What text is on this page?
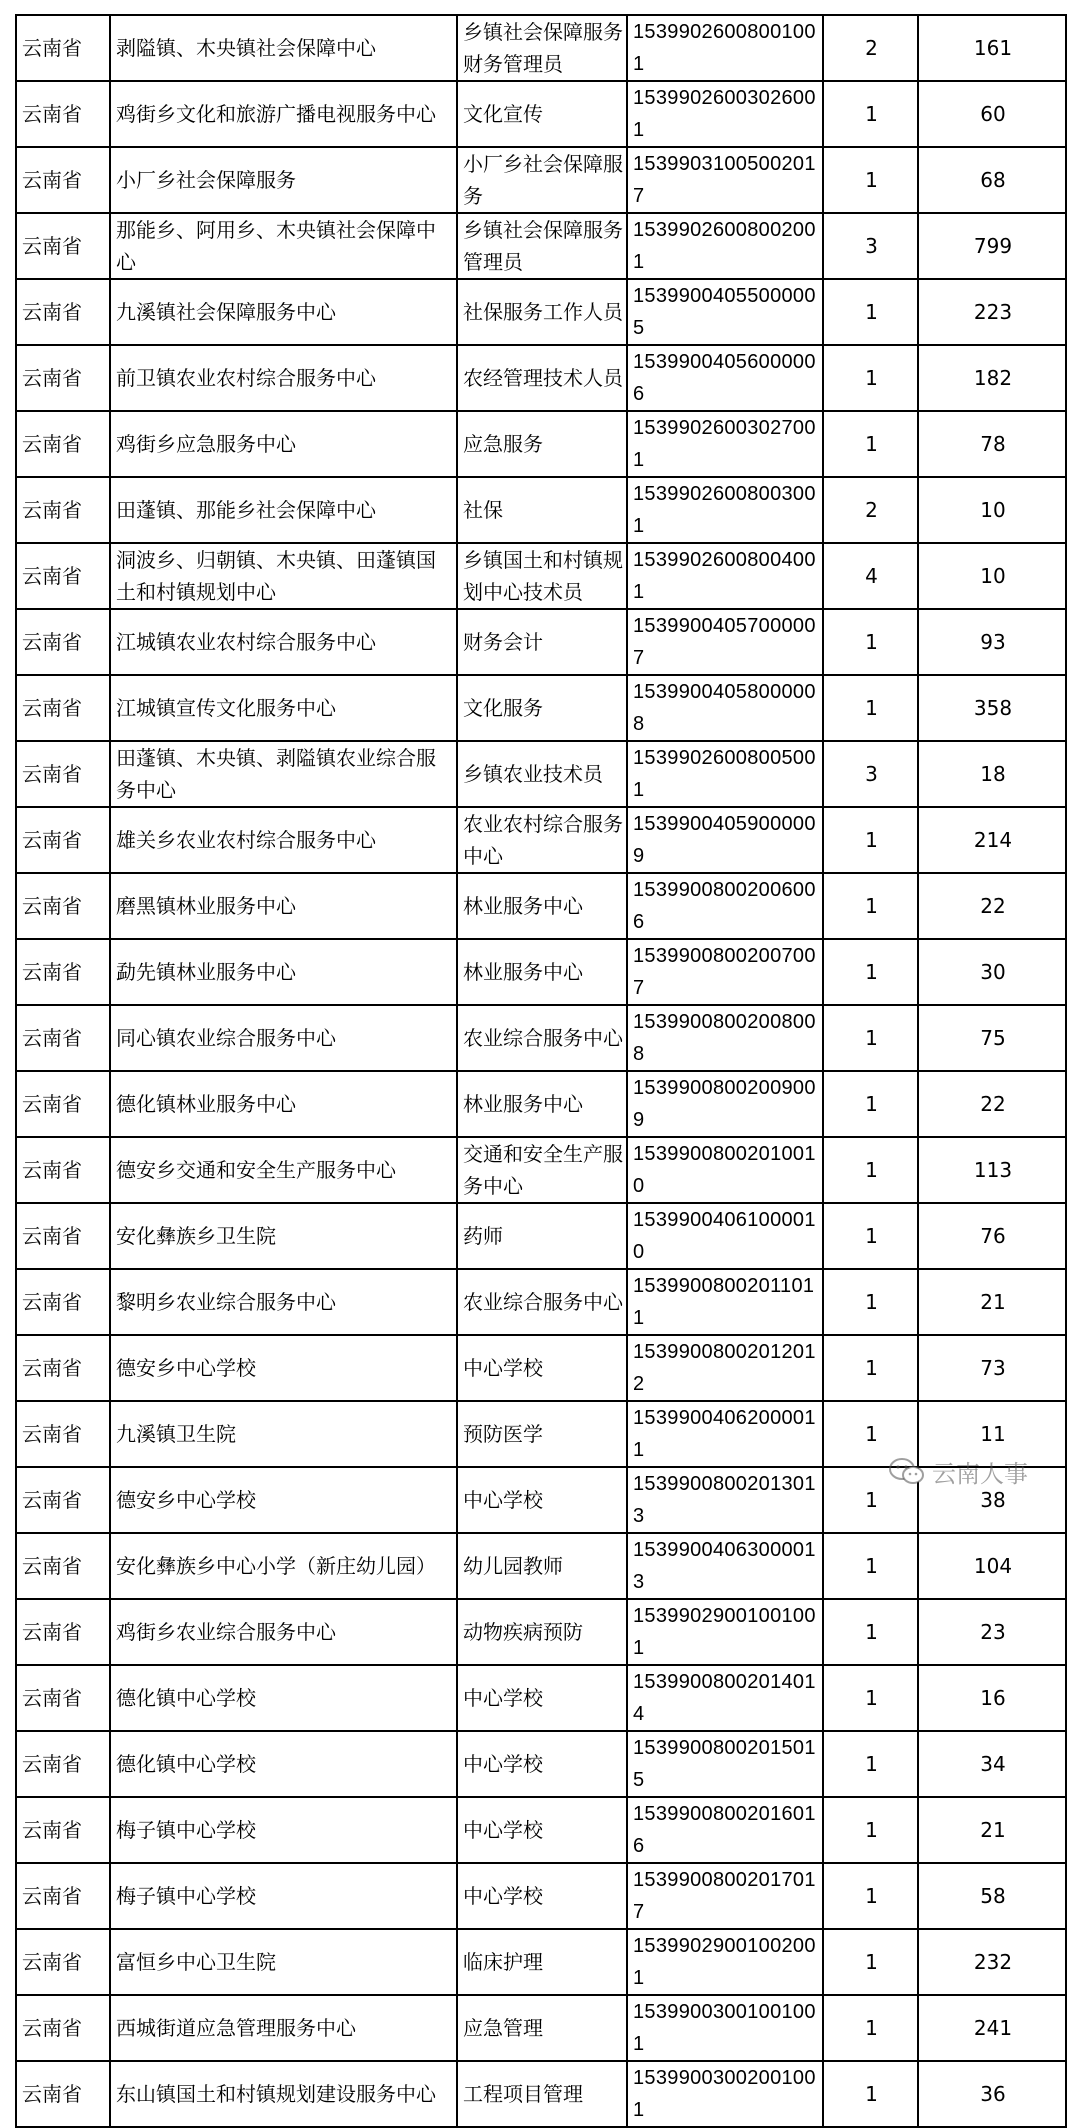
云南省	剥隘镇、木央镇社会保障中心	乡镇社会保障服务财务管理员	15399026008001001	2	161
云南省	鸡街乡文化和旅游广播电视服务中心	文化宣传	15399026003026001	1	60
云南省	小厂乡社会保障服务	小厂乡社会保障服务	15399031005002017	1	68
云南省	那能乡、阿用乡、木央镇社会保障中心	乡镇社会保障服务管理员	15399026008002001	3	799
云南省	九溪镇社会保障服务中心	社保服务工作人员	15399004055000005	1	223
云南省	前卫镇农业农村综合服务中心	农经管理技术人员	15399004056000006	1	182
云南省	鸡街乡应急服务中心	应急服务	15399026003027001	1	78
云南省	田蓬镇、那能乡社会保障中心	社保	15399026008003001	2	10
云南省	洞波乡、归朝镇、木央镇、田蓬镇国土和村镇规划中心	乡镇国土和村镇规划中心技术员	15399026008004001	4	10
云南省	江城镇农业农村综合服务中心	财务会计	15399004057000007	1	93
云南省	江城镇宣传文化服务中心	文化服务	15399004058000008	1	358
云南省	田蓬镇、木央镇、剥隘镇农业综合服务中心	乡镇农业技术员	15399026008005001	3	18
云南省	雄关乡农业农村综合服务中心	农业农村综合服务中心	15399004059000009	1	214
云南省	磨黑镇林业服务中心	林业服务中心	15399008002006006	1	22
云南省	勐先镇林业服务中心	林业服务中心	15399008002007007	1	30
云南省	同心镇农业综合服务中心	农业综合服务中心	15399008002008008	1	75
云南省	德化镇林业服务中心	林业服务中心	15399008002009009	1	22
云南省	德安乡交通和安全生产服务中心	交通和安全生产服务中心	15399008002010010	1	113
云南省	安化彝族乡卫生院	药师	15399004061000010	1	76
云南省	黎明乡农业综合服务中心	农业综合服务中心	15399008002011011	1	21
云南省	德安乡中心学校	中心学校	15399008002012012	1	73
云南省	九溪镇卫生院	预防医学	15399004062000011	1	11
云南省	德安乡中心学校	中心学校	15399008002013013	1	38
云南省	安化彝族乡中心小学（新庄幼儿园）	幼儿园教师	15399004063000013	1	104
云南省	鸡街乡农业综合服务中心	动物疾病预防	15399029001001001	1	23
云南省	德化镇中心学校	中心学校	15399008002014014	1	16
云南省	德化镇中心学校	中心学校	15399008002015015	1	34
云南省	梅子镇中心学校	中心学校	15399008002016016	1	21
云南省	梅子镇中心学校	中心学校	15399008002017017	1	58
云南省	富恒乡中心卫生院	临床护理	15399029001002001	1	232
云南省	西城街道应急管理服务中心	应急管理	15399003001001001	1	241
云南省	东山镇国土和村镇规划建设服务中心	工程项目管理	15399003002001001	1	36
云南人事
